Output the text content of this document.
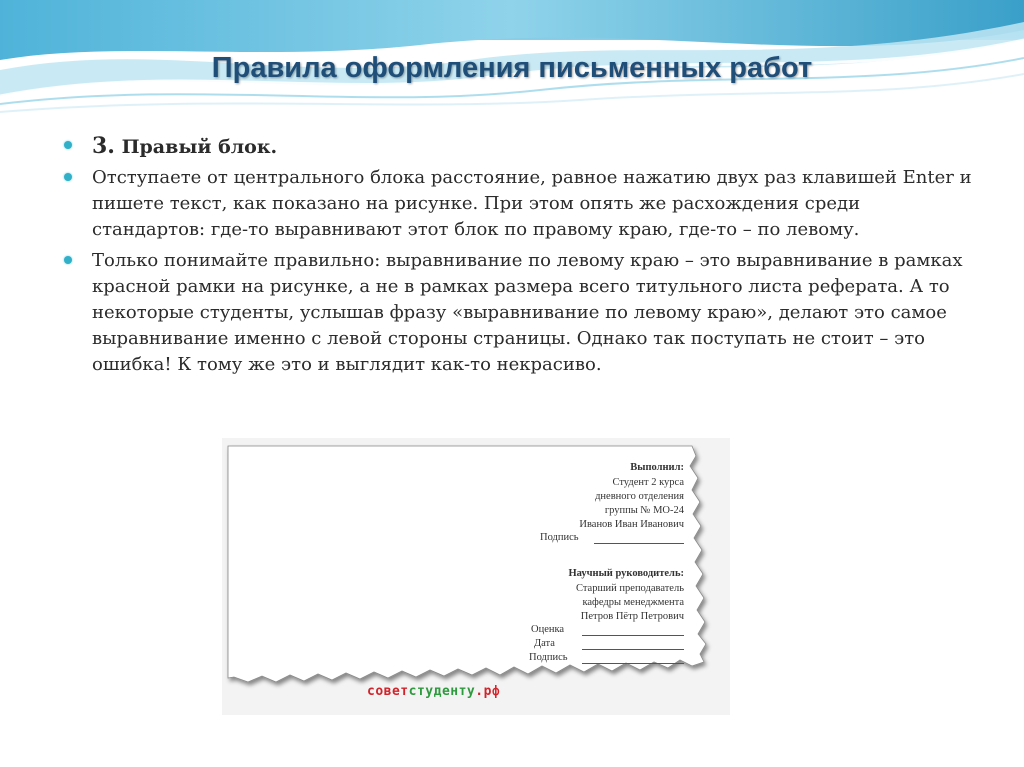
Правила оформления письменных работ
3. Правый блок.
Отступаете от центрального блока расстояние, равное нажатию двух раз клавишей Enter и пишете текст, как показано на рисунке. При этом опять же расхождения среди стандартов: где-то выравнивают этот блок по правому краю, где-то – по левому.
Только понимайте правильно: выравнивание по левому краю – это выравнивание в рамках красной рамки на рисунке, а не в рамках размера всего титульного листа реферата. А то некоторые студенты, услышав фразу «выравнивание по левому краю», делают это самое выравнивание именно с левой стороны страницы. Однако так поступать не стоит – это ошибка! К тому же это и выглядит как-то некрасиво.
Выполнил:
Студент 2 курса
дневного отделения
группы № МО-24
Иванов Иван Иванович
Подпись
Научный руководитель:
Старший преподаватель
кафедры менеджмента
Петров Пётр Петрович
Оценка
Дата
Подпись
советстуденту.рф
